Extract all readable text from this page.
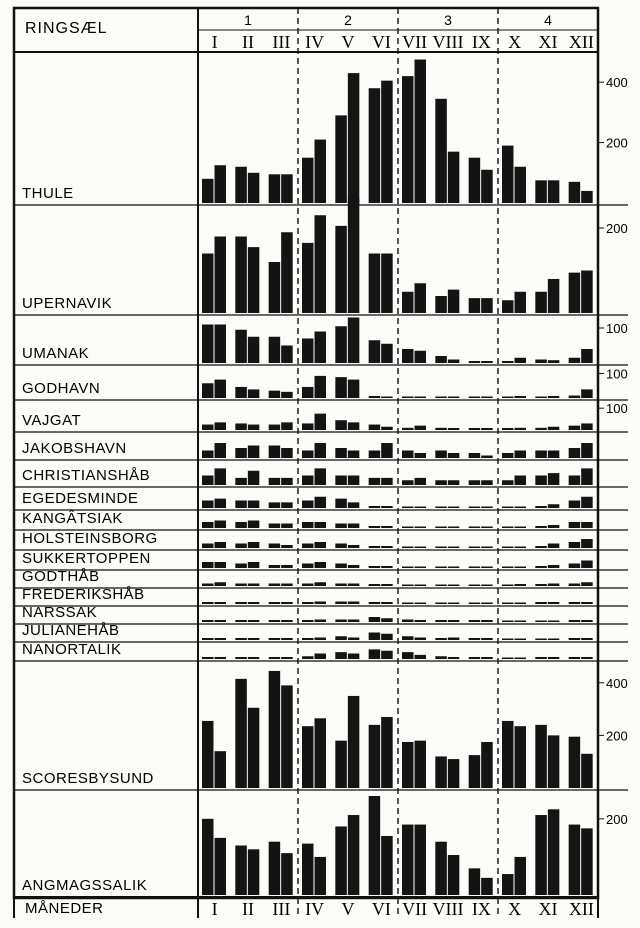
RINGSÆL
MÅNEDER
1	2	3	4
I II III IV V VI VII VIII IX X XI XII
I II III IV V VI VII VIII IX X XI XII
THULE
200
400
UPERNAVIK
200
UMANAK
100
GODHAVN
100
VAJGAT
100
JAKOBSHAVN
CHRISTIANSHÅB
EGEDESMINDE
KANGÂTSIAK
HOLSTEINSBORG
SUKKERTOPPEN
GODTHÅB
FREDERIKSHÅB
NARSSAK
JULIANEHÅB
NANORTALIK
SCORESBYSUND
200
400
ANGMAGSSALIK
200
